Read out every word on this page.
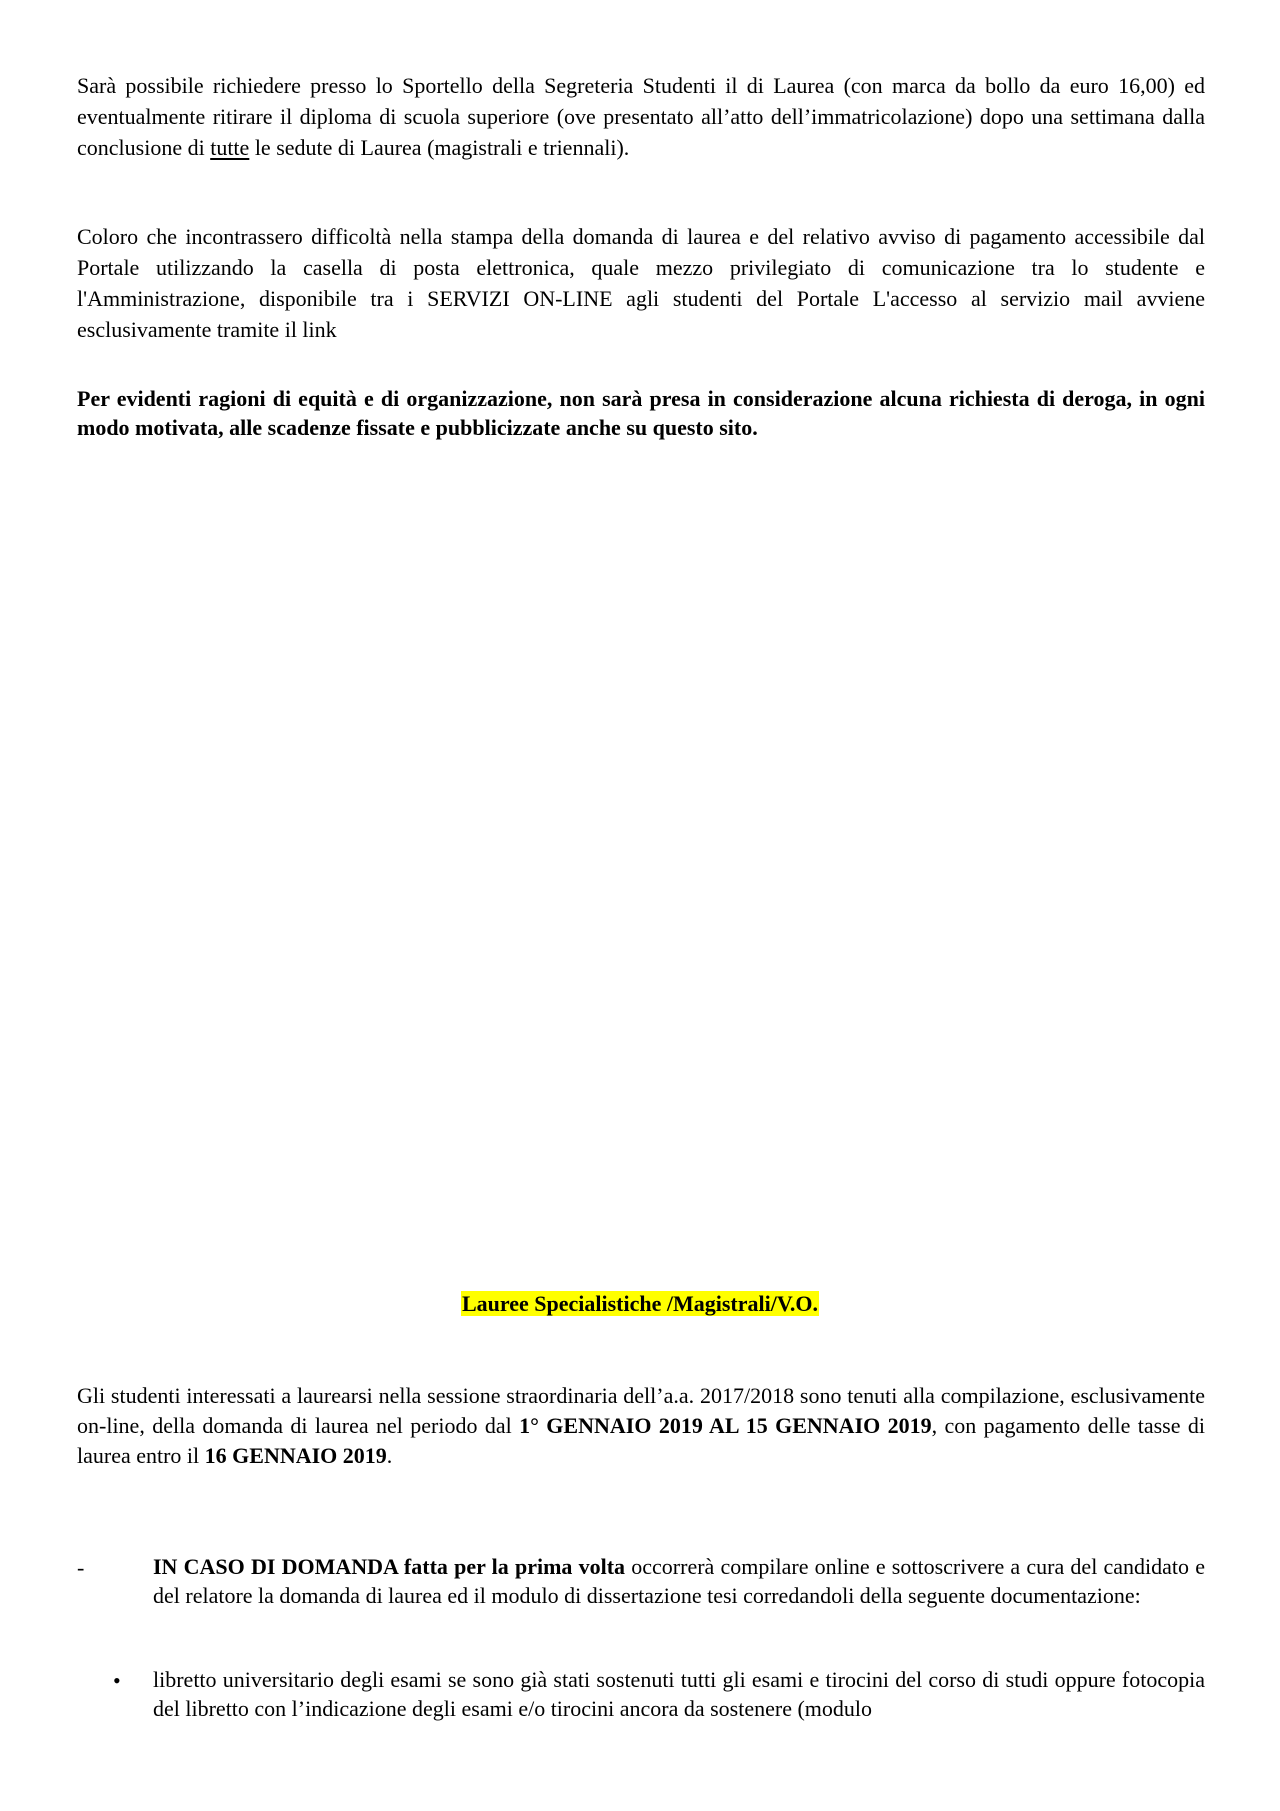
Sarà possibile richiedere presso lo Sportello della Segreteria Studenti il di Laurea (con marca da bollo da euro 16,00) ed eventualmente ritirare il diploma di scuola superiore (ove presentato all’atto dell’immatricolazione) dopo una settimana dalla conclusione di tutte le sedute di Laurea (magistrali e triennali).

Coloro che incontrassero difficoltà nella stampa della domanda di laurea e del relativo avviso di pagamento accessibile dal Portale utilizzando la casella di posta elettronica, quale mezzo privilegiato di comunicazione tra lo studente e l'Amministrazione, disponibile tra i SERVIZI ON-LINE agli studenti del Portale L'accesso al servizio mail avviene esclusivamente tramite il link

Per evidenti ragioni di equità e di organizzazione, non sarà presa in considerazione alcuna richiesta di deroga, in ogni modo motivata, alle scadenze fissate e pubblicizzate anche su questo sito.

Lauree Specialistiche /Magistrali/V.O.

Gli studenti interessati a laurearsi nella sessione straordinaria dell’a.a. 2017/2018 sono tenuti alla compilazione, esclusivamente on-line, della domanda di laurea nel periodo dal 1° GENNAIO 2019 AL 15 GENNAIO 2019, con pagamento delle tasse di laurea entro il 16 GENNAIO 2019.

-	IN CASO DI DOMANDA fatta per la prima volta occorrerà compilare online e sottoscrivere a cura del candidato e del relatore la domanda di laurea ed il modulo di dissertazione tesi corredandoli della seguente documentazione:

• libretto universitario degli esami se sono già stati sostenuti tutti gli esami e tirocini del corso di studi oppure fotocopia del libretto con l’indicazione degli esami e/o tirocini ancora da sostenere (modulo
